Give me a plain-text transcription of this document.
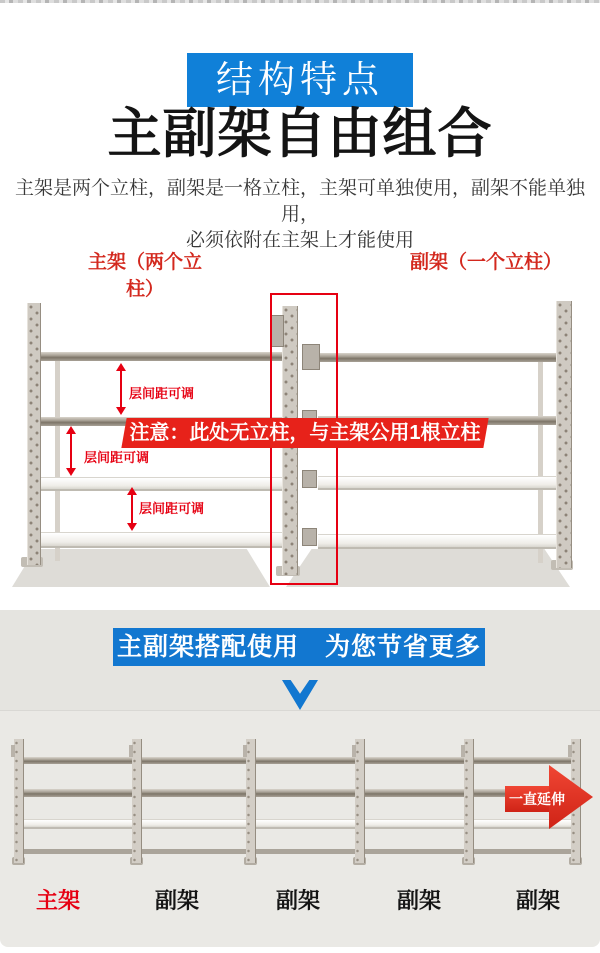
结构特点
主副架自由组合
主架是两个立柱，副架是一格立柱，主架可单独使用，副架不能单独用，
必须依附在主架上才能使用
主架（两个立柱）
副架（一个立柱）
层间距可调
层间距可调
层间距可调
注意：此处无立柱，与主架公用1根立柱
主副架搭配使用　为您节省更多
一直延伸
主架	副架	副架	副架	副架
